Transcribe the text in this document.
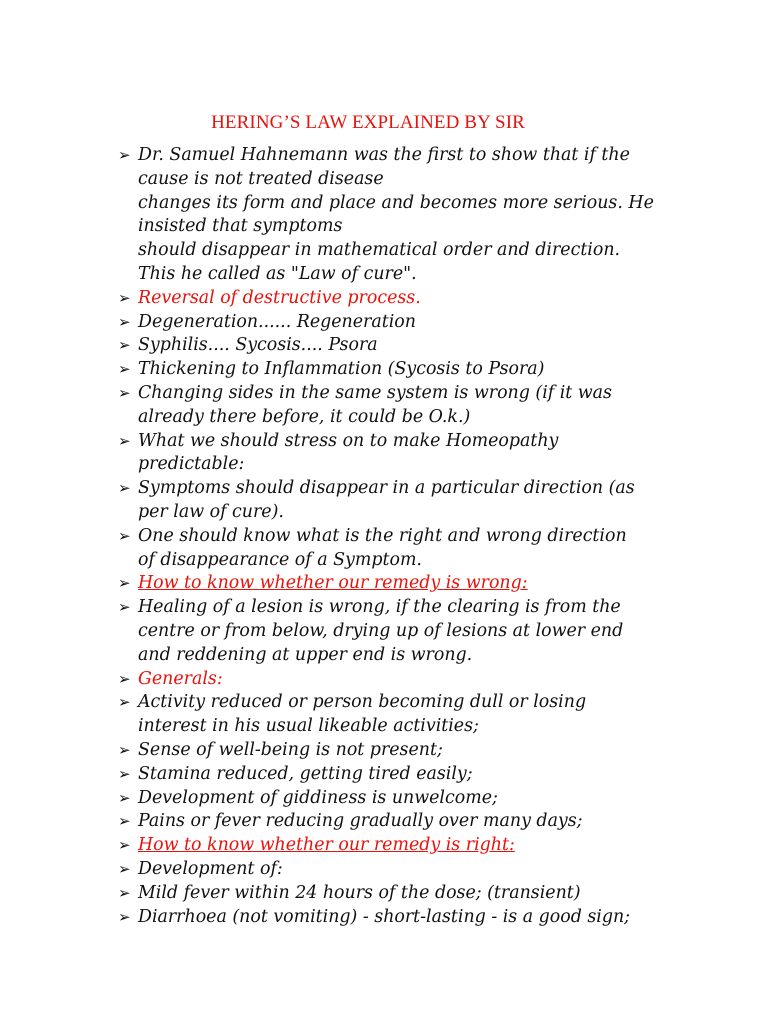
HERING’S LAW EXPLAINED BY SIR
➢ Dr. Samuel Hahnemann was the first to show that if the
cause is not treated disease
changes its form and place and becomes more serious. He
insisted that symptoms
should disappear in mathematical order and direction.
This he called as "Law of cure".
➢ Reversal of destructive process.
➢ Degeneration...... Regeneration
➢ Syphilis.... Sycosis.... Psora
➢ Thickening to Inflammation (Sycosis to Psora)
➢ Changing sides in the same system is wrong (if it was
already there before, it could be O.k.)
➢ What we should stress on to make Homeopathy
predictable:
➢ Symptoms should disappear in a particular direction (as
per law of cure).
➢ One should know what is the right and wrong direction
of disappearance of a Symptom.
➢ How to know whether our remedy is wrong:
➢ Healing of a lesion is wrong, if the clearing is from the
centre or from below, drying up of lesions at lower end
and reddening at upper end is wrong.
➢ Generals:
➢ Activity reduced or person becoming dull or losing
interest in his usual likeable activities;
➢ Sense of well-being is not present;
➢ Stamina reduced, getting tired easily;
➢ Development of giddiness is unwelcome;
➢ Pains or fever reducing gradually over many days;
➢ How to know whether our remedy is right:
➢ Development of:
➢ Mild fever within 24 hours of the dose; (transient)
➢ Diarrhoea (not vomiting) - short-lasting - is a good sign;
